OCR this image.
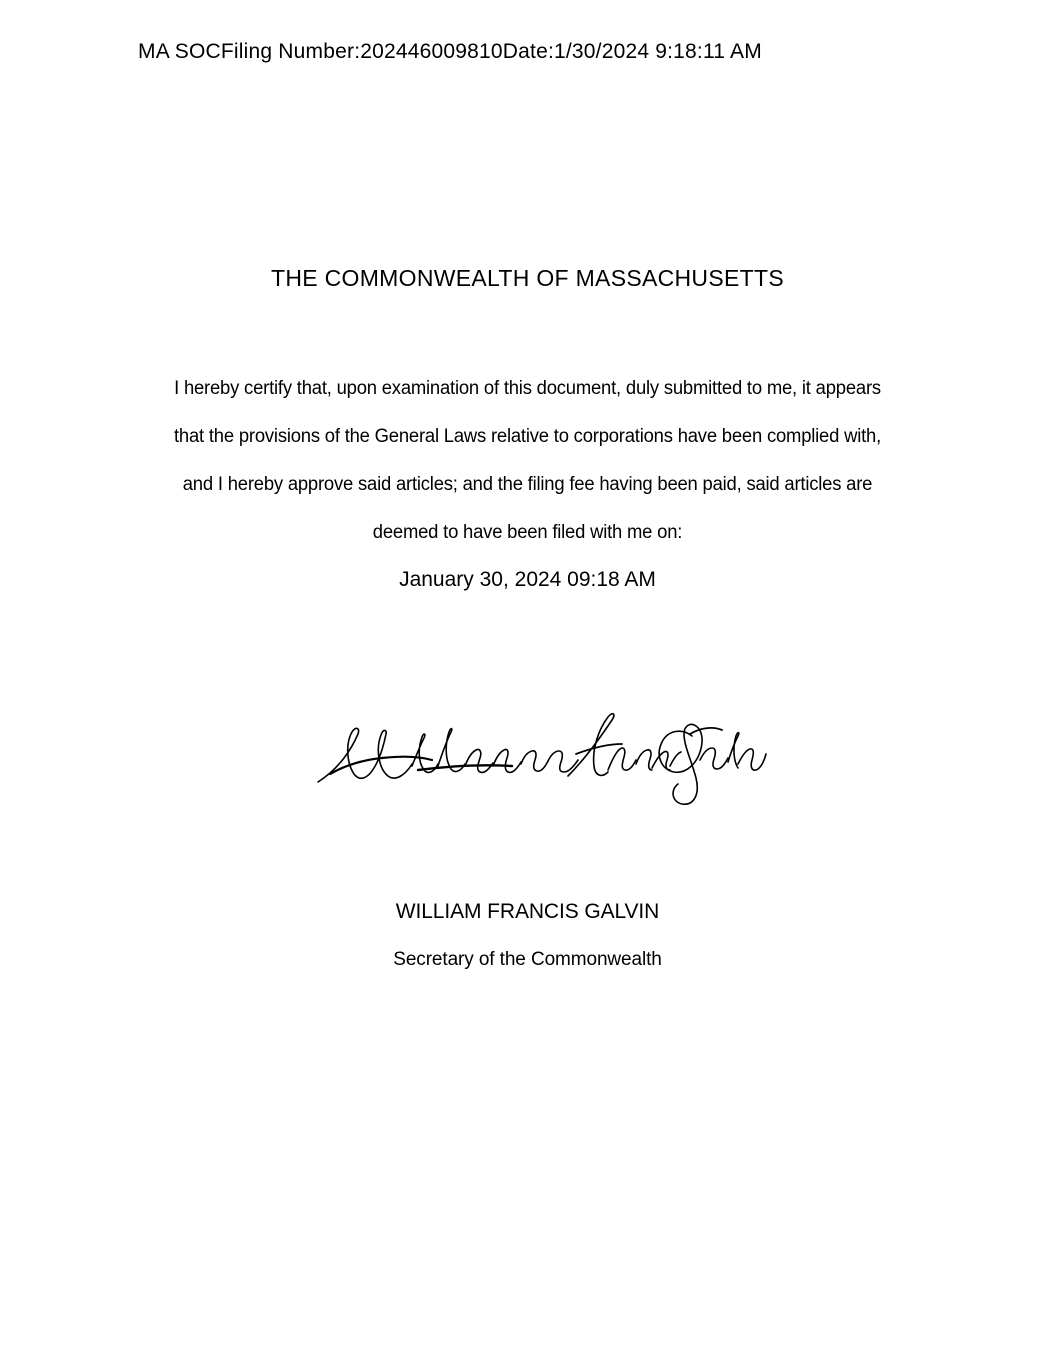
MA SOCFiling Number:202446009810Date:1/30/2024 9:18:11 AM
THE COMMONWEALTH OF MASSACHUSETTS
I hereby certify that, upon examination of this document, duly submitted to me, it appears
that the provisions of the General Laws relative to corporations have been complied with,
and I hereby approve said articles; and the filing fee having been paid, said articles are
deemed to have been filed with me on:
January 30, 2024 09:18 AM
WILLIAM FRANCIS GALVIN
Secretary of the Commonwealth
